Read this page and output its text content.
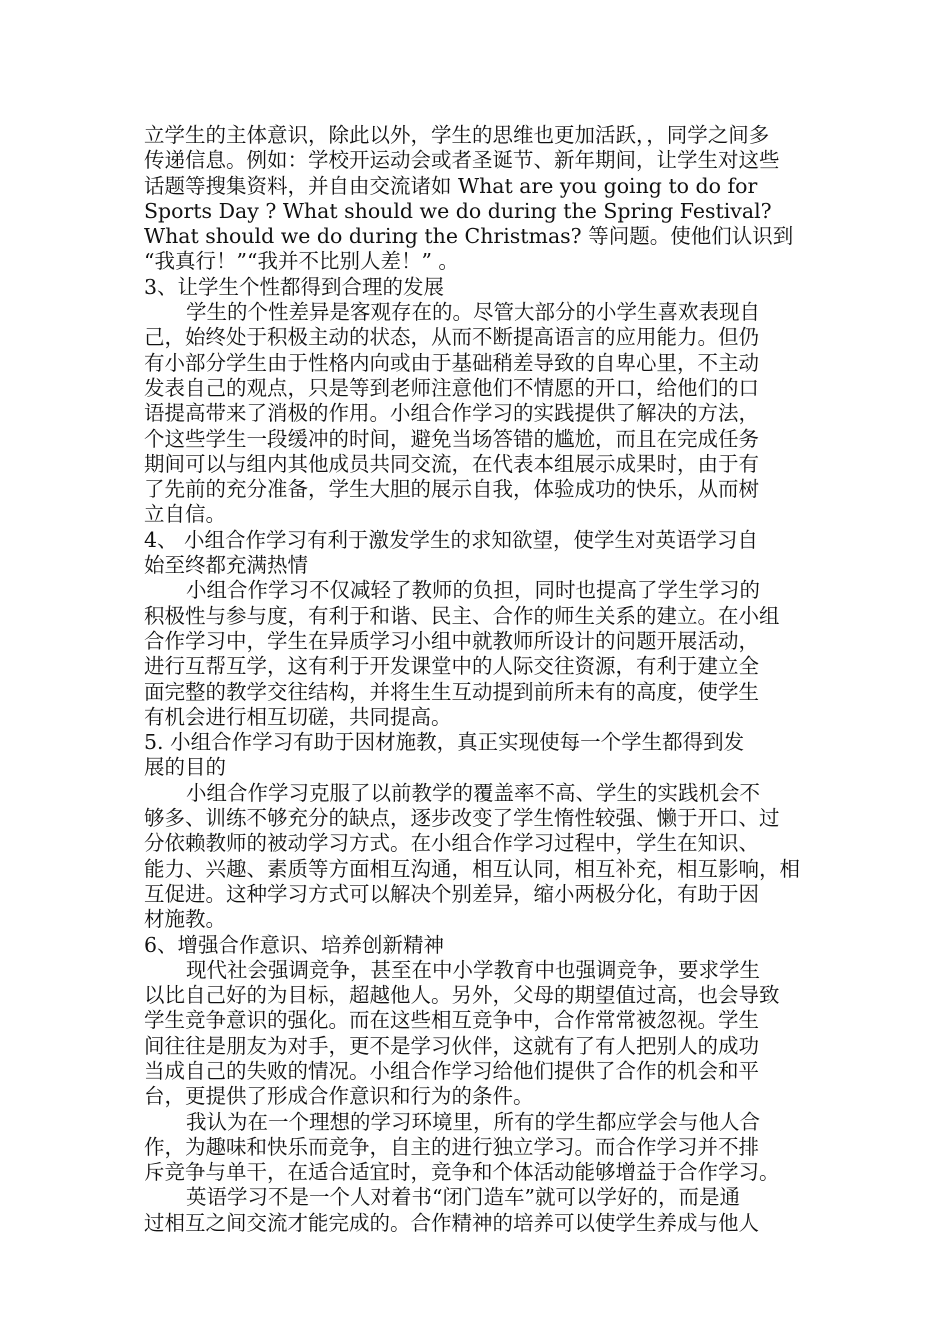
立学生的主体意识，除此以外，学生的思维也更加活跃，，同学之间多
传递信息。例如：学校开运动会或者圣诞节、新年期间，让学生对这些
话题等搜集资料，并自由交流诸如 What are you going to do for
Sports Day ? What should we do during the Spring Festival?
What should we do during the Christmas? 等问题。使他们认识到
“我真行！”“我并不比别人差！” 。
3、让学生个性都得到合理的发展
学生的个性差异是客观存在的。尽管大部分的小学生喜欢表现自
己，始终处于积极主动的状态，从而不断提高语言的应用能力。但仍
有小部分学生由于性格内向或由于基础稍差导致的自卑心里，不主动
发表自己的观点，只是等到老师注意他们不情愿的开口，给他们的口
语提高带来了消极的作用。小组合作学习的实践提供了解决的方法，
个这些学生一段缓冲的时间，避免当场答错的尴尬，而且在完成任务
期间可以与组内其他成员共同交流，在代表本组展示成果时，由于有
了先前的充分准备，学生大胆的展示自我，体验成功的快乐，从而树
立自信。
4、 小组合作学习有利于激发学生的求知欲望，使学生对英语学习自
始至终都充满热情
小组合作学习不仅减轻了教师的负担，同时也提高了学生学习的
积极性与参与度，有利于和谐、民主、合作的师生关系的建立。在小组
合作学习中，学生在异质学习小组中就教师所设计的问题开展活动，
进行互帮互学，这有利于开发课堂中的人际交往资源，有利于建立全
面完整的教学交往结构，并将生生互动提到前所未有的高度，使学生
有机会进行相互切磋，共同提高。
5. 小组合作学习有助于因材施教，真正实现使每一个学生都得到发
展的目的
小组合作学习克服了以前教学的覆盖率不高、学生的实践机会不
够多、训练不够充分的缺点，逐步改变了学生惰性较强、懒于开口、过
分依赖教师的被动学习方式。在小组合作学习过程中，学生在知识、
能力、兴趣、素质等方面相互沟通，相互认同，相互补充，相互影响，相
互促进。这种学习方式可以解决个别差异，缩小两极分化，有助于因
材施教。
6、增强合作意识、培养创新精神
现代社会强调竞争，甚至在中小学教育中也强调竞争，要求学生
以比自己好的为目标，超越他人。另外，父母的期望值过高，也会导致
学生竞争意识的强化。而在这些相互竞争中，合作常常被忽视。学生
间往往是朋友为对手，更不是学习伙伴，这就有了有人把别人的成功
当成自己的失败的情况。小组合作学习给他们提供了合作的机会和平
台，更提供了形成合作意识和行为的条件。
我认为在一个理想的学习环境里，所有的学生都应学会与他人合
作，为趣味和快乐而竞争，自主的进行独立学习。而合作学习并不排
斥竞争与单干，在适合适宜时，竞争和个体活动能够增益于合作学习。
英语学习不是一个人对着书“闭门造车”就可以学好的，而是通
过相互之间交流才能完成的。合作精神的培养可以使学生养成与他人
